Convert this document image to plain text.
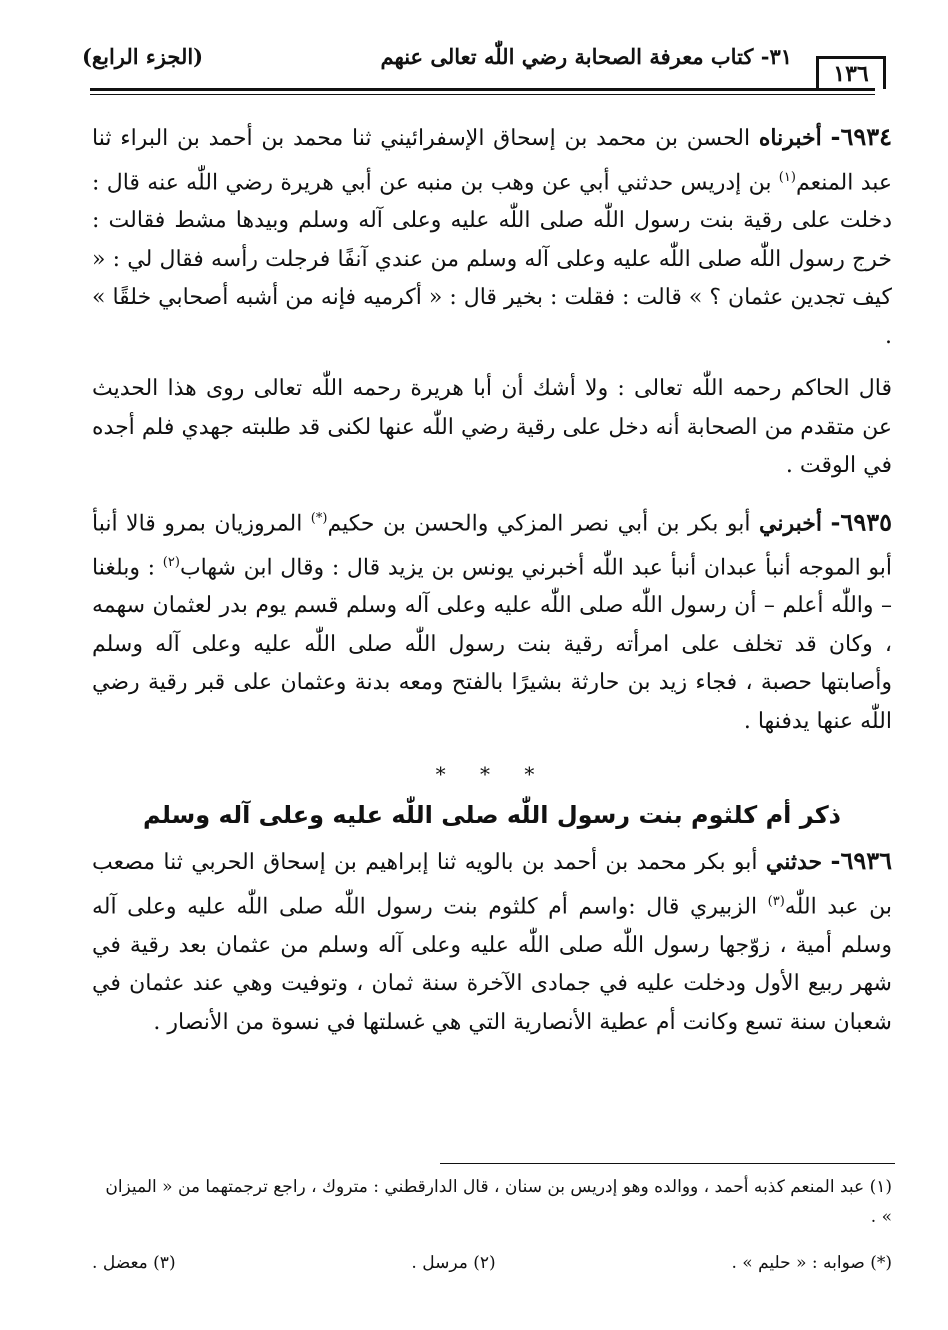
١٣٦
٣١- كتاب معرفة الصحابة رضي اللّٰه تعالى عنهم
(الجزء الرابع)

٦٩٣٤- أخبرناه الحسن بن محمد بن إسحاق الإسفرائيني ثنا محمد بن أحمد بن البراء ثنا عبد المنعم$^{(١)}$ بن إدريس حدثني أبي عن وهب بن منبه عن أبي هريرة رضي اللّٰه عنه قال : دخلت على رقية بنت رسول اللّٰه صلى اللّٰه عليه وعلى آله وسلم وبيدها مشط فقالت : خرج رسول اللّٰه صلى اللّٰه عليه وعلى آله وسلم من عندي آنفًا فرجلت رأسه فقال لي : « كيف تجدين عثمان ؟ » قالت : فقلت : بخير قال : « أكرميه فإنه من أشبه أصحابي خلقًا » .

قال الحاكم رحمه اللّٰه تعالى : ولا أشك أن أبا هريرة رحمه اللّٰه تعالى روى هذا الحديث عن متقدم من الصحابة أنه دخل على رقية رضي اللّٰه عنها لكنى قد طلبته جهدي فلم أجده في الوقت .

٦٩٣٥- أخبرني أبو بكر بن أبي نصر المزكي والحسن بن حكيم(*) المروزيان بمرو قالا أنبأ أبو الموجه أنبأ عبدان أنبأ عبد اللّٰه أخبرني يونس بن يزيد قال : وقال ابن شهاب$^{(٢)}$ : وبلغنا – واللّٰه أعلم – أن رسول اللّٰه صلى اللّٰه عليه وعلى آله وسلم قسم يوم بدر لعثمان سهمه ، وكان قد تخلف على امرأته رقية بنت رسول اللّٰه صلى اللّٰه عليه وعلى آله وسلم وأصابتها حصبة ، فجاء زيد بن حارثة بشيرًا بالفتح ومعه بدنة وعثمان على قبر رقية رضي اللّٰه عنها يدفنها .

* * *
ذكر أم كلثوم بنت رسول اللّٰه صلى اللّٰه عليه وعلى آله وسلم

٦٩٣٦- حدثني أبو بكر محمد بن أحمد بن بالويه ثنا إبراهيم بن إسحاق الحربي ثنا مصعب بن عبد اللّٰه$^{(٣)}$ الزبيري قال :واسم أم كلثوم بنت رسول اللّٰه صلى اللّٰه عليه وعلى آله وسلم أمية ، زوّجها رسول اللّٰه صلى اللّٰه عليه وعلى آله وسلم من عثمان بعد رقية في شهر ربيع الأول ودخلت عليه في جمادى الآخرة سنة ثمان ، وتوفيت وهي عند عثمان في شعبان سنة تسع وكانت أم عطية الأنصارية التي هي غسلتها في نسوة من الأنصار .

(١) عبد المنعم كذبه أحمد ، ووالده وهو إدريس بن سنان ، قال الدارقطني : متروك ، راجع ترجمتهما من « الميزان » .

(*) صوابه : « حليم » .
(٢) مرسل .
(٣) معضل .
